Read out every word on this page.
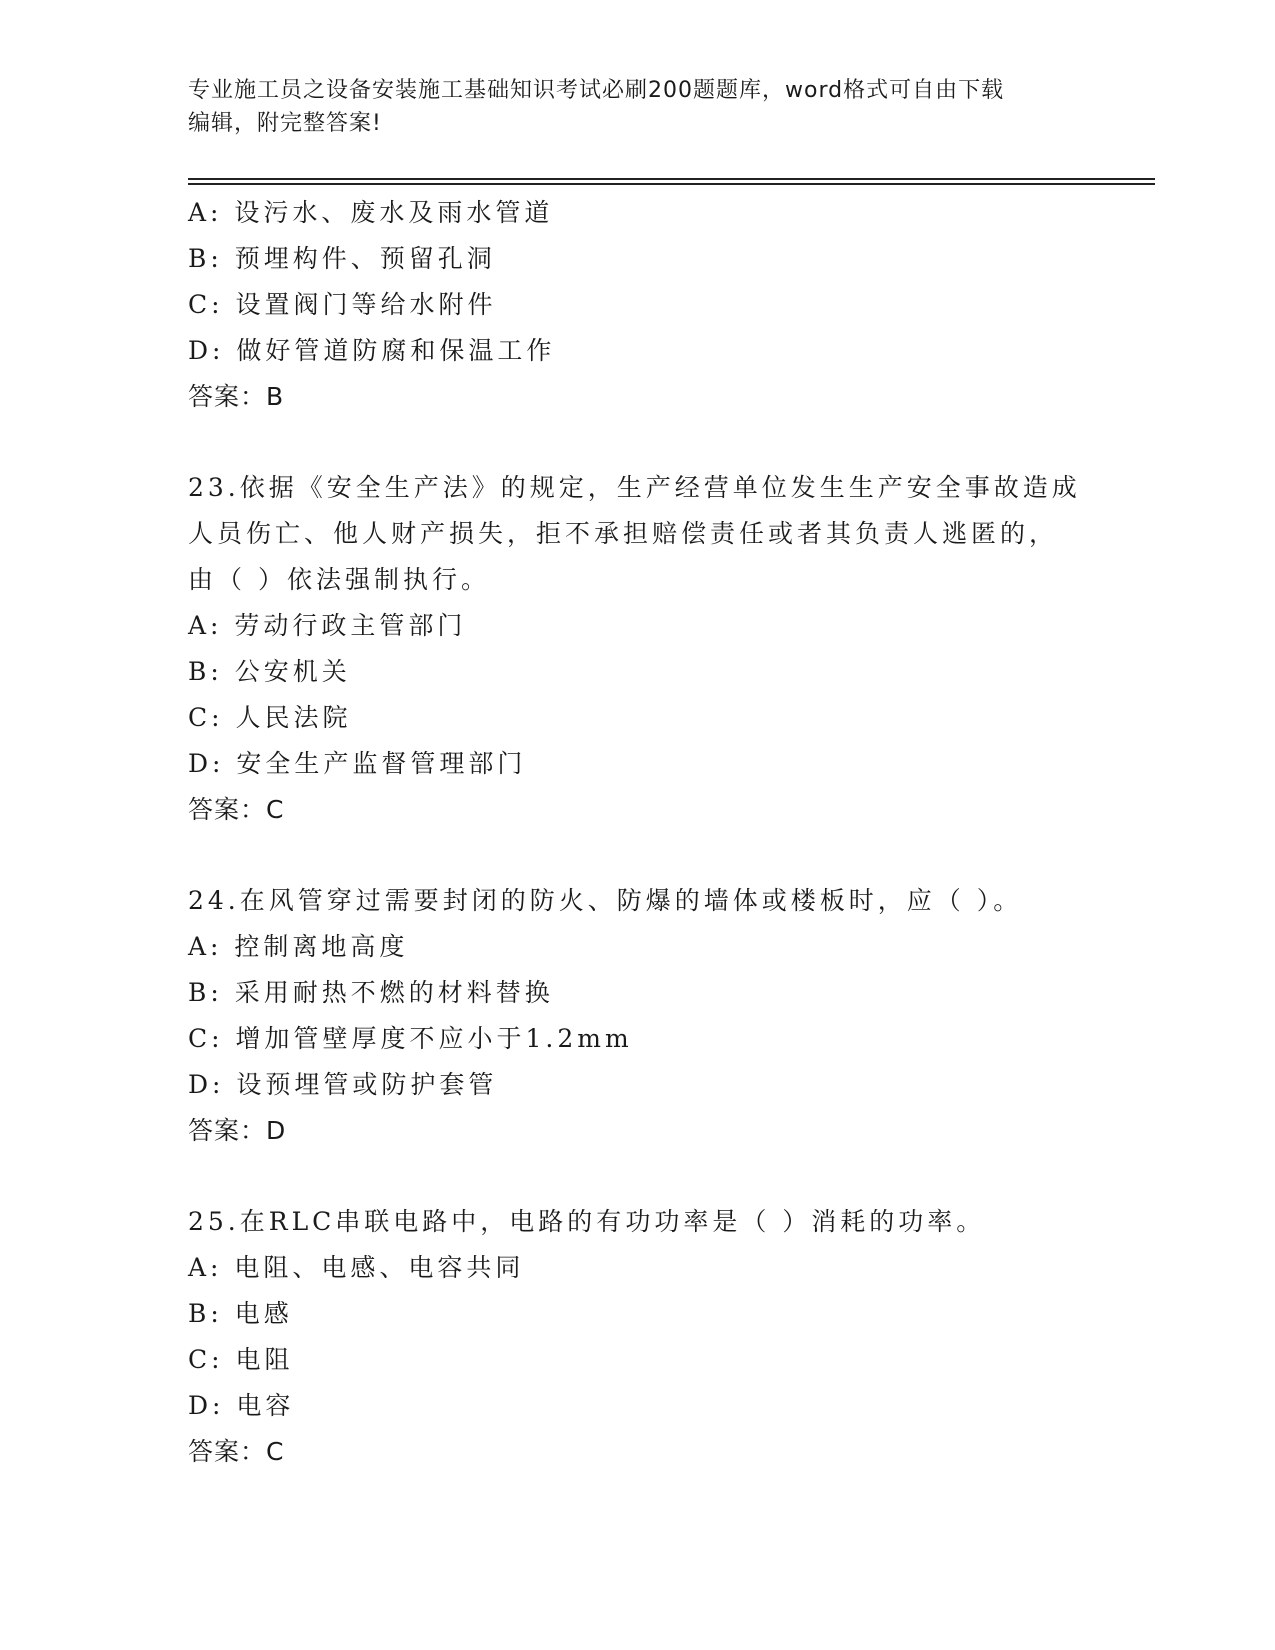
专业施工员之设备安装施工基础知识考试必刷200题题库，word格式可自由下载
编辑，附完整答案!
A: 设污水、废水及雨水管道
B: 预埋构件、预留孔洞
C: 设置阀门等给水附件
D: 做好管道防腐和保温工作
答案：B
23.依据《安全生产法》的规定，生产经营单位发生生产安全事故造成
人员伤亡、他人财产损失，拒不承担赔偿责任或者其负责人逃匿的，
由（ ）依法强制执行。
A: 劳动行政主管部门
B: 公安机关
C: 人民法院
D: 安全生产监督管理部门
答案：C
24.在风管穿过需要封闭的防火、防爆的墙体或楼板时，应（ ）。
A: 控制离地高度
B: 采用耐热不燃的材料替换
C: 增加管壁厚度不应小于1.2mm
D: 设预埋管或防护套管
答案：D
25.在RLC串联电路中，电路的有功功率是（ ）消耗的功率。
A: 电阻、电感、电容共同
B: 电感
C: 电阻
D: 电容
答案：C
